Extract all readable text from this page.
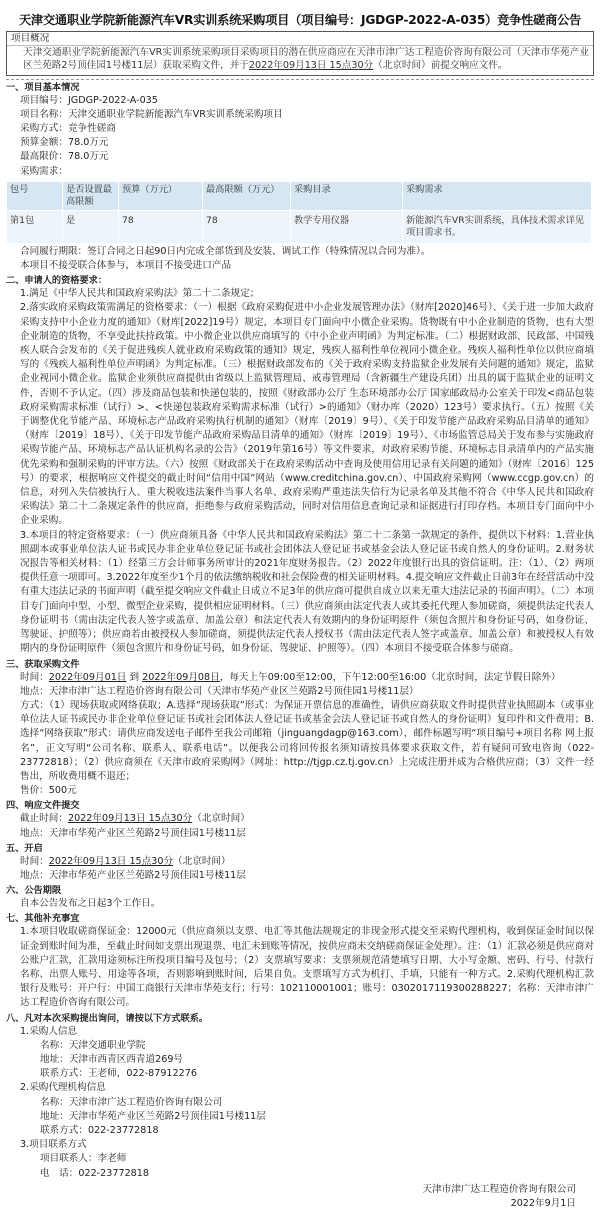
天津交通职业学院新能源汽车VR实训系统采购项目（项目编号：JGDGP-2022-A-035）竞争性磋商公告
项目概况
天津交通职业学院新能源汽车VR实训系统采购项目采购项目的潜在供应商应在天津市津广达工程造价咨询有限公司（天津市华苑产业区兰苑路2号顶佳园1号楼11层）获取采购文件，并于2022年09月13日 15点30分（北京时间）前提交响应文件。
一、项目基本情况
项目编号：JGDGP-2022-A-035
项目名称：天津交通职业学院新能源汽车VR实训系统采购项目
采购方式：竞争性磋商
预算金额：78.0万元
最高限价：78.0万元
采购需求：
包号	是否设置最高限额	预算（万元）	最高限额（万元）	采购目录	采购需求
第1包	是	78	78	教学专用仪器	新能源汽车VR实训系统，具体技术需求详见项目需求书。
合同履行期限：签订合同之日起90日内完成全部货到及安装、调试工作（特殊情况以合同为准）。
本项目不接受联合体参与，本项目不接受进口产品
二、申请人的资格要求：
1.满足《中华人民共和国政府采购法》第二十二条规定；
2.落实政府采购政策需满足的资格要求：（一）根据《政府采购促进中小企业发展管理办法》（财库[2020]46号）、《关于进一步加大政府采购支持中小企业力度的通知》（财库[2022]19号）规定，本项目专门面向中小微企业采购。货物既有中小企业制造的货物，也有大型企业制造的货物，不享受此扶持政策。中小微企业以供应商填写的《中小企业声明函》为判定标准。（二）根据财政部、民政部、中国残疾人联合会发布的《关于促进残疾人就业政府采购政策的通知》规定，残疾人福利性单位视同小微企业。残疾人福利性单位以供应商填写的《残疾人福利性单位声明函》为判定标准。（三）根据财政部发布的《关于政府采购支持监狱企业发展有关问题的通知》规定，监狱企业视同小微企业。监狱企业须供应商提供由省级以上监狱管理局、戒毒管理局（含新疆生产建设兵团）出具的属于监狱企业的证明文件，否则不予认定。（四）涉及商品包装和快递包装的，按照《财政部办公厅 生态环境部办公厅 国家邮政局办公室关于印发<商品包装政府采购需求标准（试行）>、<快递包装政府采购需求标准（试行）>的通知》（财办库（2020）123号）要求执行。（五）按照《关于调整优化节能产品、环境标志产品政府采购执行机制的通知》（财库〔2019〕9号）、《关于印发节能产品政府采购品目清单的通知》（财库〔2019〕18号）、《关于印发节能产品政府采购品目清单的通知》（财库〔2019〕19号）、《市场监管总局关于发布参与实施政府采购节能产品、环境标志产品认证机构名录的公告》（2019年第16号）等文件要求，对政府采购节能、环境标志目录清单内的产品实施优先采购和强制采购的评审方法。（六）按照《财政部关于在政府采购活动中查询及使用信用记录有关问题的通知》（财库〔2016〕125号）的要求，根据响应文件提交的截止时间“信用中国”网站（www.creditchina.gov.cn）、中国政府采购网（www.ccgp.gov.cn）的信息，对列入失信被执行人、重大税收违法案件当事人名单、政府采购严重违法失信行为记录名单及其他不符合《中华人民共和国政府采购法》第二十二条规定条件的供应商，拒绝参与政府采购活动，同时对信用信息查询记录和证据进行打印存档。本项目专门面向中小企业采购。
3.本项目的特定资格要求：（一）供应商须具备《中华人民共和国政府采购法》第二十二条第一款规定的条件，提供以下材料：1.营业执照副本或事业单位法人证书或民办非企业单位登记证书或社会团体法人登记证书或基金会法人登记证书或自然人的身份证明。2.财务状况报告等相关材料：（1）经第三方会计师事务所审计的2021年度财务报告。（2）2022年度银行出具的资信证明。注：（1）、（2）两项提供任意一项即可。3.2022年度至少1个月的依法缴纳税收和社会保险费的相关证明材料。4.提交响应文件截止日前3年在经营活动中没有重大违法记录的书面声明（截至提交响应文件截止日成立不足3年的供应商可提供自成立以来无重大违法记录的书面声明）。（二）本项目专门面向中型、小型、微型企业采购，提供相应证明材料。（三）供应商须由法定代表人或其委托代理人参加磋商，须提供法定代表人身份证明书（需由法定代表人签字或盖章、加盖公章）和法定代表人有效期内的身份证明原件（须包含照片和身份证号码，如身份证、驾驶证、护照等）；供应商若由被授权人参加磋商，须提供法定代表人授权书（需由法定代表人签字或盖章、加盖公章）和被授权人有效期内的身份证明原件（须包含照片和身份证号码，如身份证、驾驶证、护照等）。（四）本项目不接受联合体参与磋商。
三、获取采购文件
时间：2022年09月01日 到 2022年09月08日，每天上午09:00至12:00，下午12:00至16:00（北京时间，法定节假日除外）
地点：天津市津广达工程造价咨询有限公司（天津市华苑产业区兰苑路2号顶佳园1号楼11层）
方式：（1）现场获取或网络获取；A.选择“现场获取”形式：为保证开票信息的准确性，请供应商获取文件时提供营业执照副本（或事业单位法人证书或民办非企业单位登记证书或社会团体法人登记证书或基金会法人登记证书或自然人的身份证明）复印件和文件费用；B.选择“网络获取”形式：请供应商发送电子邮件至我公司邮箱（jinguangdagp@163.com），邮件标题写明“项目编号+项目名称 网上报名”，正文写明“公司名称、联系人、联系电话”。以便我公司将回传报名须知请按具体要求获取文件，若有疑问可致电咨询（022-23772818）；（2）供应商须在《天津市政府采购网》（网址：http://tjgp.cz.tj.gov.cn）上完成注册并成为合格供应商；（3）文件一经售出，所收费用概不退还；
售价：500元
四、响应文件提交
截止时间：2022年09月13日 15点30分（北京时间）
地点：天津市华苑产业区兰苑路2号顶佳园1号楼11层
五、开启
时间：2022年09月13日 15点30分（北京时间）
地点：天津市华苑产业区兰苑路2号顶佳园1号楼11层
六、公告期限
自本公告发布之日起3个工作日。
七、其他补充事宜
1.本项目收取磋商保证金：12000元（供应商须以支票、电汇等其他法规规定的非现金形式提交至采购代理机构，收到保证金时间以保证金到账时间为准，至截止时间如支票出现退票、电汇未到账等情况，按供应商未交纳磋商保证金处理）。注：（1）汇款必须是供应商对公账户汇款，汇款用途须标注所投项目编号及包号；（2）支票填写要求：支票须规范清楚填写日期、大小写金额、密码、行号、付款行名称、出票人账号、用途等各项，否则影响到账时间，后果自负。支票填写方式为机打、手填，只能有一种方式。2.采购代理机构汇款银行及账号：开户行：中国工商银行天津市华苑支行；行号：102110001001；账号：0302017119300288227；名称：天津市津广达工程造价咨询有限公司。
八、凡对本次采购提出询问，请按以下方式联系。
1.采购人信息
名称：天津交通职业学院
地址：天津市西青区西青道269号
联系方式：王老师，022-87912276
2.采购代理机构信息
名称：天津市津广达工程造价咨询有限公司
地址：天津市华苑产业区兰苑路2号顶佳园1号楼11层
联系方式：022-23772818
3.项目联系方式
项目联系人：李老师
电　话：022-23772818
天津市津广达工程造价咨询有限公司
2022年9月1日
